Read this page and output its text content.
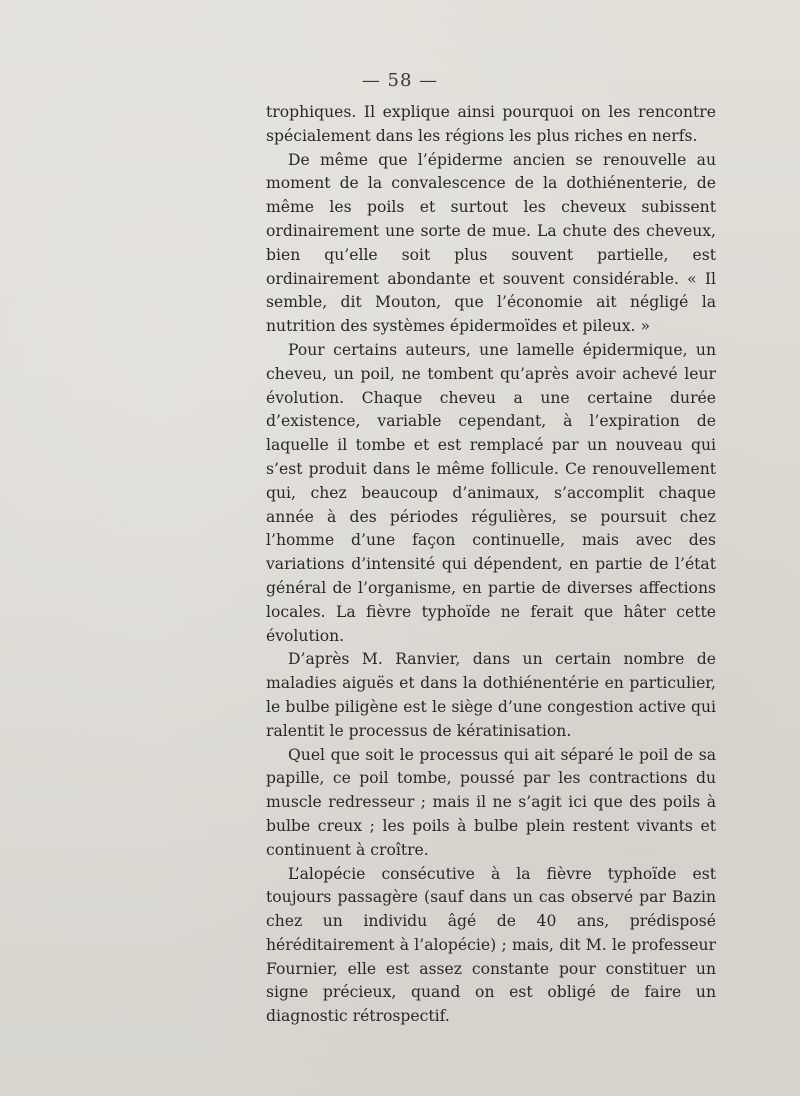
— 58 —

trophiques. Il explique ainsi pourquoi on les rencontre spécialement dans les régions les plus riches en nerfs.

De même que l’épiderme ancien se renouvelle au moment de la convalescence de la dothiénenterie, de même les poils et surtout les cheveux subissent ordinairement une sorte de mue. La chute des cheveux, bien qu’elle soit plus souvent partielle, est ordinairement abondante et souvent considérable. « Il semble, dit Mouton, que l’économie ait négligé la nutrition des systèmes épidermoïdes et pileux. »

Pour certains auteurs, une lamelle épidermique, un cheveu, un poil, ne tombent qu’après avoir achevé leur évolution. Chaque cheveu a une certaine durée d’existence, variable cependant, à l’expiration de laquelle il tombe et est remplacé par un nouveau qui s’est produit dans le même follicule. Ce renouvellement qui, chez beaucoup d’animaux, s’accomplit chaque année à des périodes régulières, se poursuit chez l’homme d’une façon continuelle, mais avec des variations d’intensité qui dépendent, en partie de l’état général de l’organisme, en partie de diverses affections locales. La fièvre typhoïde ne ferait que hâter cette évolution.

D’après M. Ranvier, dans un certain nombre de maladies aiguës et dans la dothiénentérie en particulier, le bulbe piligène est le siège d’une congestion active qui ralentit le processus de kératinisation.

Quel que soit le processus qui ait séparé le poil de sa papille, ce poil tombe, poussé par les contractions du muscle redresseur ; mais il ne s’agit ici que des poils à bulbe creux ; les poils à bulbe plein restent vivants et continuent à croître.

L’alopécie consécutive à la fièvre typhoïde est toujours passagère (sauf dans un cas observé par Bazin chez un individu âgé de 40 ans, prédisposé héréditairement à l’alopécie) ; mais, dit M. le professeur Fournier, elle est assez constante pour constituer un signe précieux, quand on est obligé de faire un diagnostic rétrospectif.
